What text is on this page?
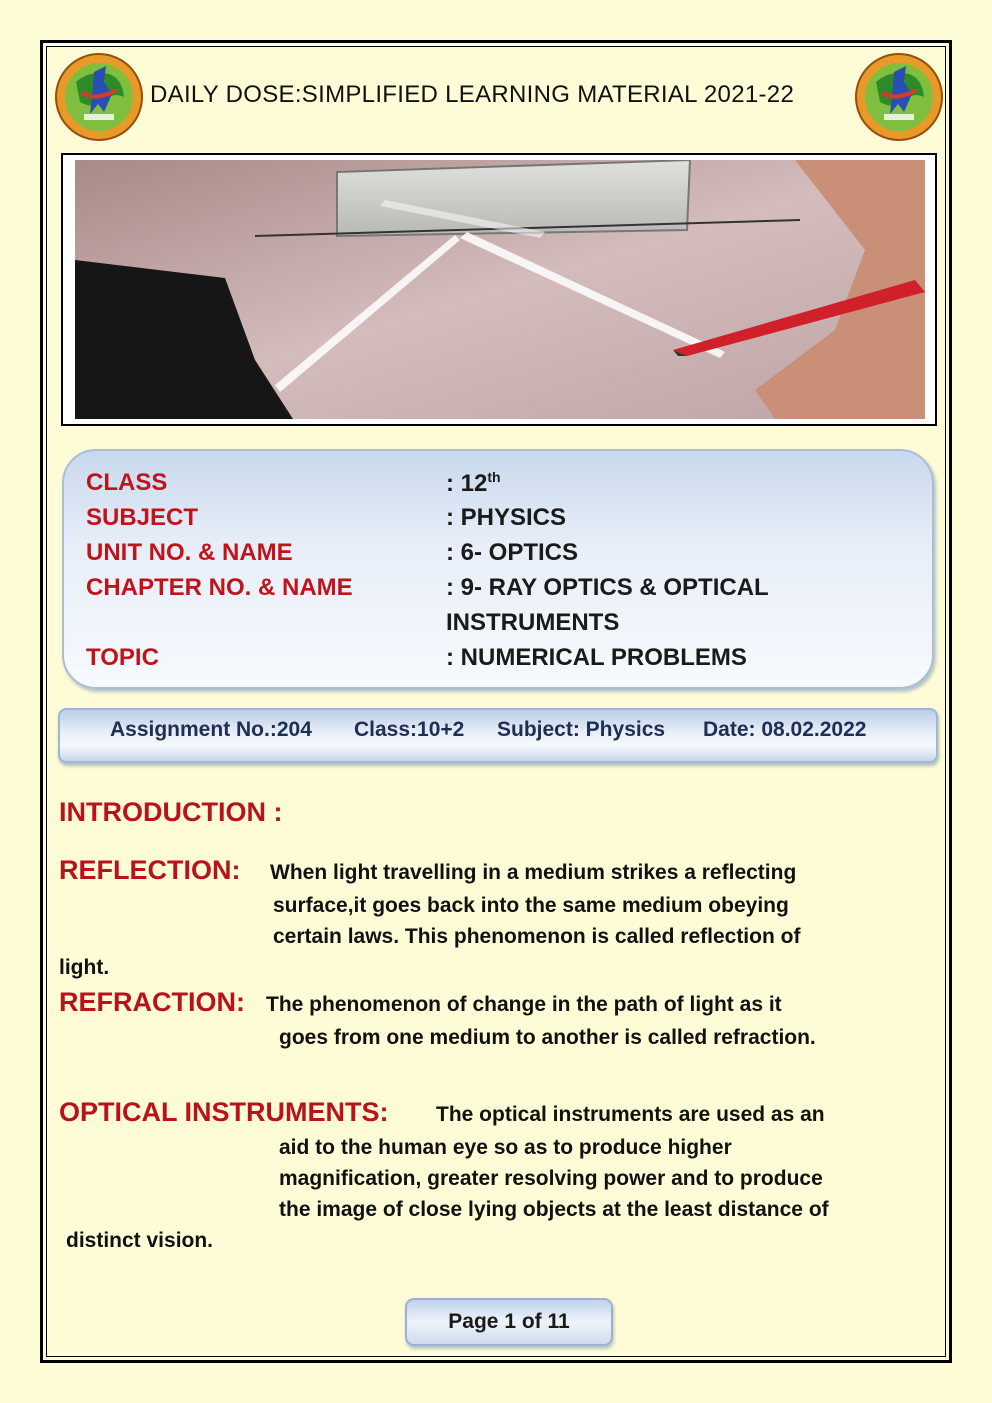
DAILY DOSE:SIMPLIFIED LEARNING MATERIAL 2021-22
CLASS	: 12th
SUBJECT	: PHYSICS
UNIT NO. & NAME	: 6- OPTICS
CHAPTER NO. & NAME	: 9- RAY OPTICS & OPTICAL
INSTRUMENTS
TOPIC	: NUMERICAL PROBLEMS
Assignment No.:204 Class:10+2 Subject: Physics Date: 08.02.2022
INTRODUCTION :
REFLECTION: When light travelling in a medium strikes a reflecting
surface,it goes back into the same medium obeying
certain laws. This phenomenon is called reflection of
light.
REFRACTION: The phenomenon of change in the path of light as it
goes from one medium to another is called refraction.
OPTICAL INSTRUMENTS: The optical instruments are used as an
aid to the human eye so as to produce higher
magnification, greater resolving power and to produce
the image of close lying objects at the least distance of
distinct vision.
Page 1 of 11
